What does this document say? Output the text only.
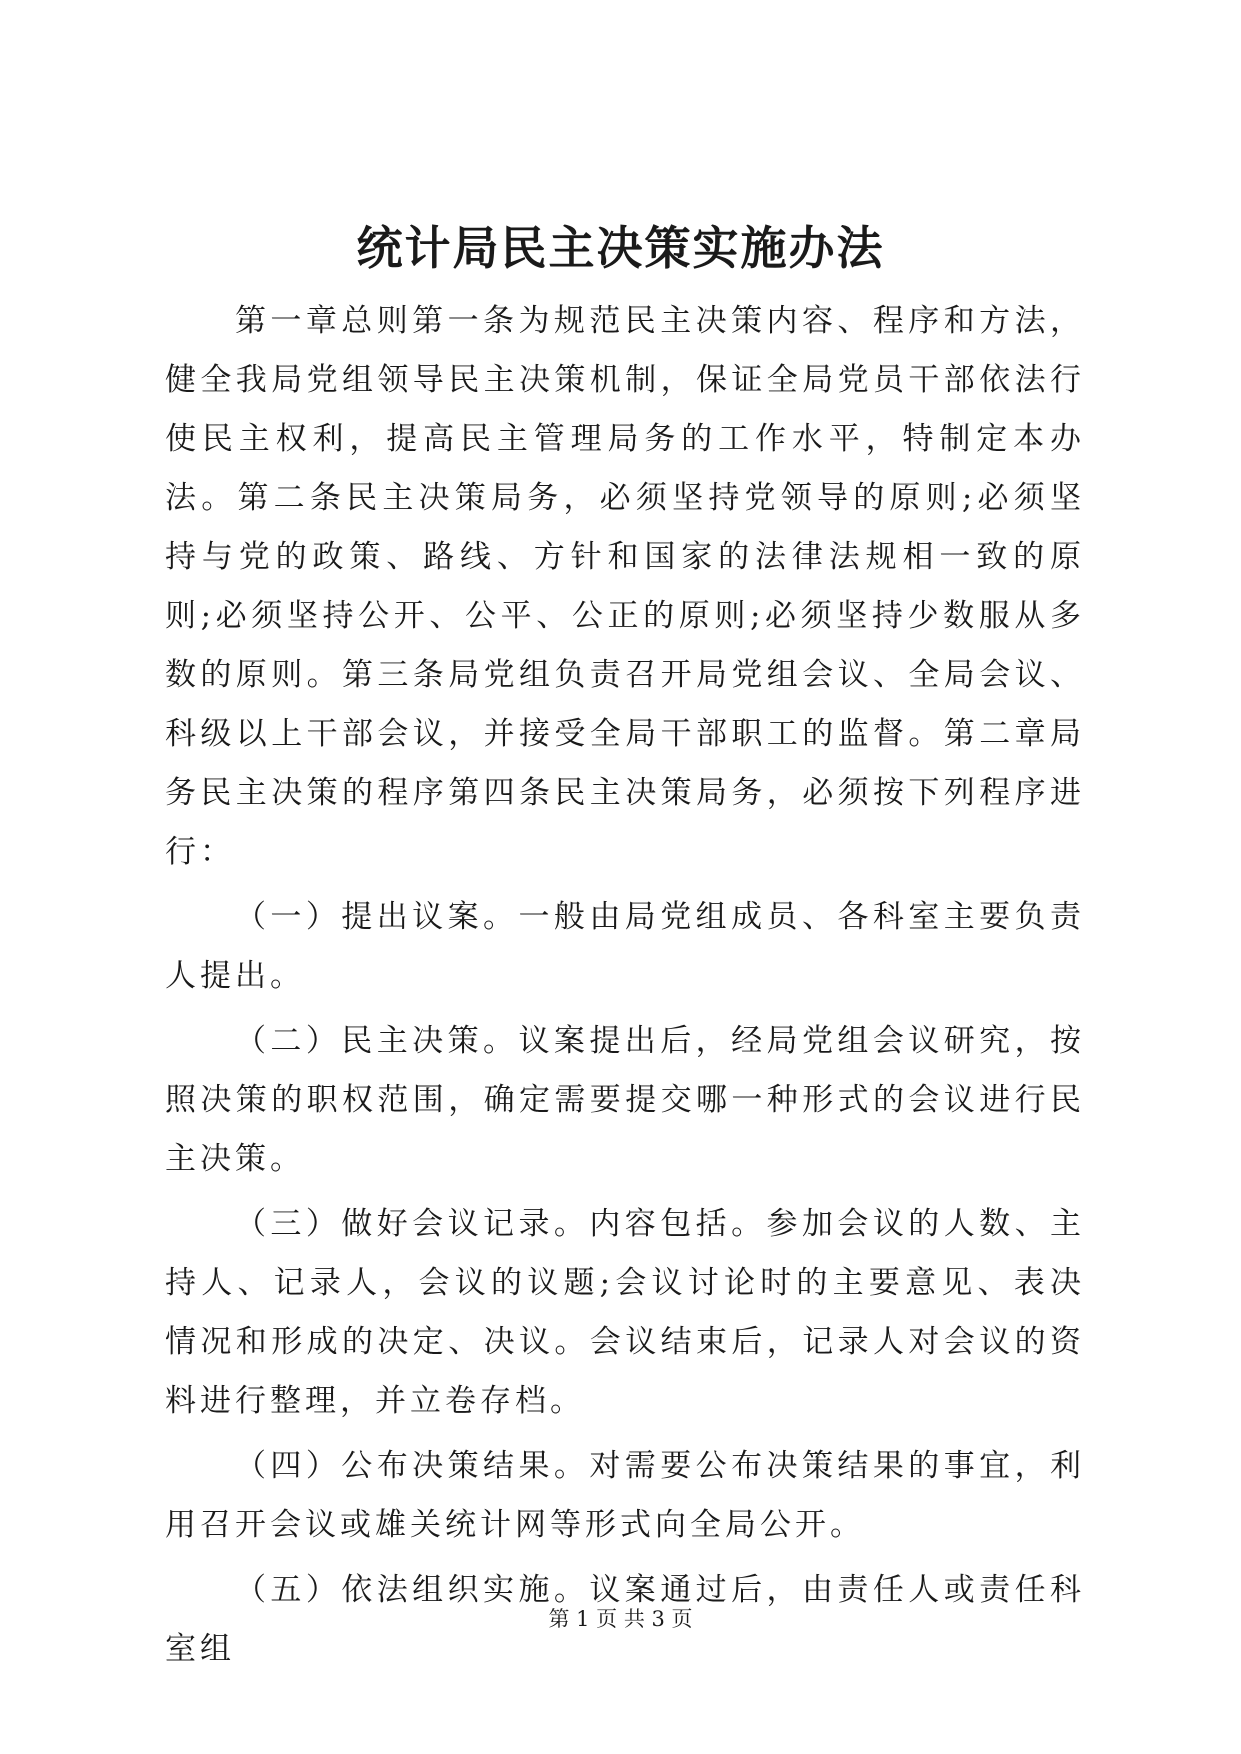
统计局民主决策实施办法

第一章总则第一条为规范民主决策内容、程序和方法，健全我局党组领导民主决策机制，保证全局党员干部依法行使民主权利，提高民主管理局务的工作水平，特制定本办法。第二条民主决策局务，必须坚持党领导的原则;必须坚持与党的政策、路线、方针和国家的法律法规相一致的原则;必须坚持公开、公平、公正的原则;必须坚持少数服从多数的原则。第三条局党组负责召开局党组会议、全局会议、科级以上干部会议，并接受全局干部职工的监督。第二章局务民主决策的程序第四条民主决策局务，必须按下列程序进行：

（一）提出议案。一般由局党组成员、各科室主要负责人提出。

（二）民主决策。议案提出后，经局党组会议研究，按照决策的职权范围，确定需要提交哪一种形式的会议进行民主决策。

（三）做好会议记录。内容包括。参加会议的人数、主持人、记录人，会议的议题;会议讨论时的主要意见、表决情况和形成的决定、决议。会议结束后，记录人对会议的资料进行整理，并立卷存档。

（四）公布决策结果。对需要公布决策结果的事宜，利用召开会议或雄关统计网等形式向全局公开。

（五）依法组织实施。议案通过后，由责任人或责任科室组

第 1 页 共 3 页
